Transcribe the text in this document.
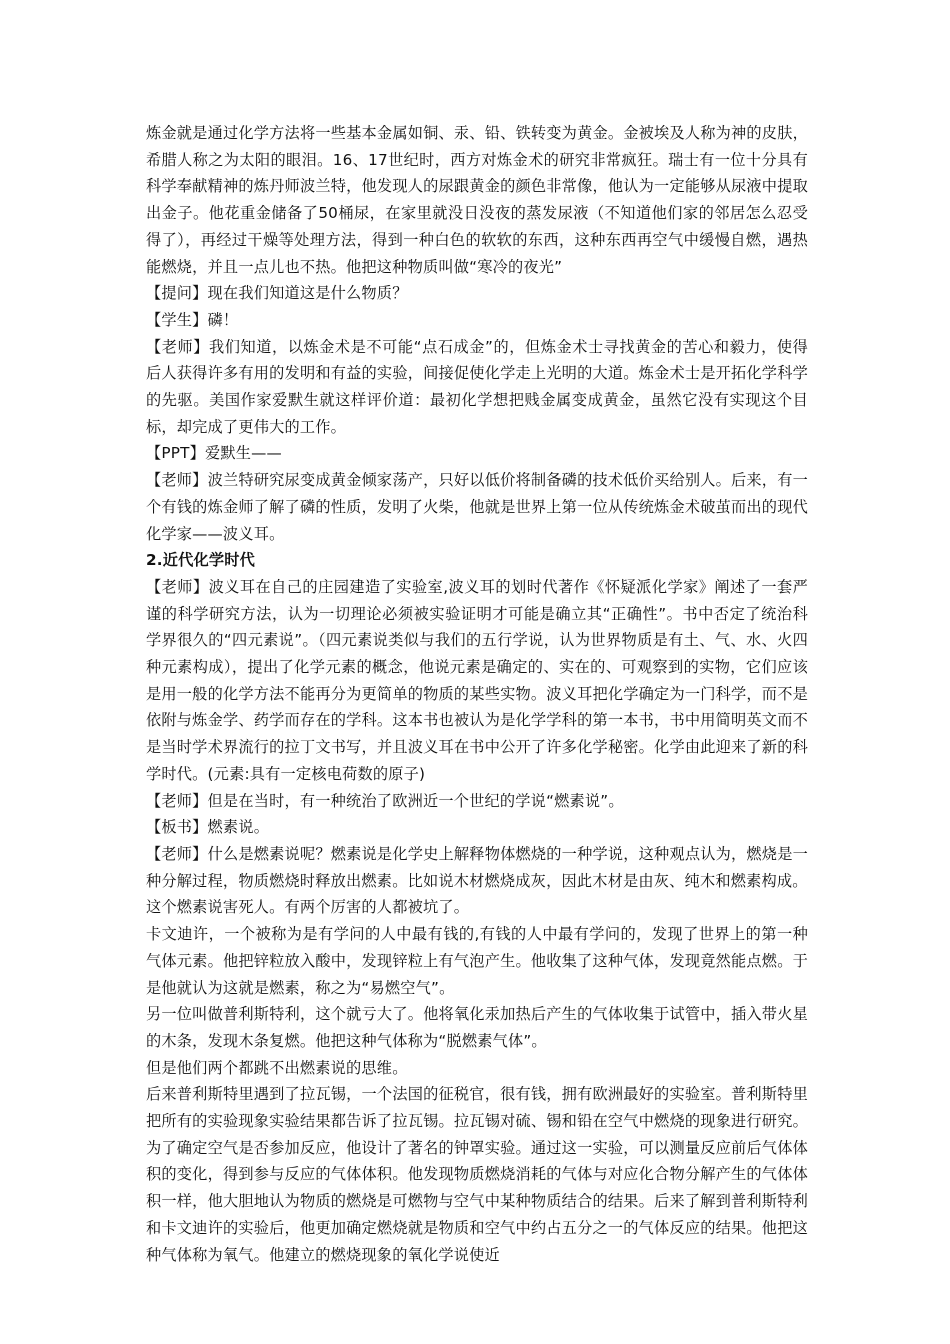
炼金就是通过化学方法将一些基本金属如铜、汞、铅、铁转变为黄金。金被埃及人称为神的皮肤，希腊人称之为太阳的眼泪。16、17世纪时，西方对炼金术的研究非常疯狂。瑞士有一位十分具有科学奉献精神的炼丹师波兰特，他发现人的尿跟黄金的颜色非常像，他认为一定能够从尿液中提取出金子。他花重金储备了50桶尿，在家里就没日没夜的蒸发尿液（不知道他们家的邻居怎么忍受得了），再经过干燥等处理方法，得到一种白色的软软的东西，这种东西再空气中缓慢自燃，遇热能燃烧，并且一点儿也不热。他把这种物质叫做“寒冷的夜光”

【提问】现在我们知道这是什么物质？

【学生】磷！

【老师】我们知道，以炼金术是不可能“点石成金”的，但炼金术士寻找黄金的苦心和毅力，使得后人获得许多有用的发明和有益的实验，间接促使化学走上光明的大道。炼金术士是开拓化学科学的先驱。美国作家爱默生就这样评价道：最初化学想把贱金属变成黄金，虽然它没有实现这个目标，却完成了更伟大的工作。

【PPT】爱默生——

【老师】波兰特研究尿变成黄金倾家荡产，只好以低价将制备磷的技术低价买给别人。后来，有一个有钱的炼金师了解了磷的性质，发明了火柴，他就是世界上第一位从传统炼金术破茧而出的现代化学家——波义耳。

2.近代化学时代

【老师】波义耳在自己的庄园建造了实验室,波义耳的划时代著作《怀疑派化学家》阐述了一套严谨的科学研究方法，认为一切理论必须被实验证明才可能是确立其“正确性”。书中否定了统治科学界很久的“四元素说”。（四元素说类似与我们的五行学说，认为世界物质是有土、气、水、火四种元素构成），提出了化学元素的概念，他说元素是确定的、实在的、可观察到的实物，它们应该是用一般的化学方法不能再分为更简单的物质的某些实物。波义耳把化学确定为一门科学，而不是依附与炼金学、药学而存在的学科。这本书也被认为是化学学科的第一本书，书中用简明英文而不是当时学术界流行的拉丁文书写，并且波义耳在书中公开了许多化学秘密。化学由此迎来了新的科学时代。(元素:具有一定核电荷数的原子)

【老师】但是在当时，有一种统治了欧洲近一个世纪的学说“燃素说”。

【板书】燃素说。

【老师】什么是燃素说呢？燃素说是化学史上解释物体燃烧的一种学说，这种观点认为，燃烧是一种分解过程，物质燃烧时释放出燃素。比如说木材燃烧成灰，因此木材是由灰、纯木和燃素构成。

这个燃素说害死人。有两个厉害的人都被坑了。

卡文迪许，一个被称为是有学问的人中最有钱的,有钱的人中最有学问的，发现了世界上的第一种气体元素。他把锌粒放入酸中，发现锌粒上有气泡产生。他收集了这种气体，发现竟然能点燃。于是他就认为这就是燃素，称之为“易燃空气”。

另一位叫做普利斯特利，这个就亏大了。他将氧化汞加热后产生的气体收集于试管中，插入带火星的木条，发现木条复燃。他把这种气体称为“脱燃素气体”。

但是他们两个都跳不出燃素说的思维。

后来普利斯特里遇到了拉瓦锡，一个法国的征税官，很有钱，拥有欧洲最好的实验室。普利斯特里把所有的实验现象实验结果都告诉了拉瓦锡。拉瓦锡对硫、锡和铅在空气中燃烧的现象进行研究。为了确定空气是否参加反应，他设计了著名的钟罩实验。通过这一实验，可以测量反应前后气体体积的变化，得到参与反应的气体体积。他发现物质燃烧消耗的气体与对应化合物分解产生的气体体积一样，他大胆地认为物质的燃烧是可燃物与空气中某种物质结合的结果。后来了解到普利斯特利和卡文迪许的实验后，他更加确定燃烧就是物质和空气中约占五分之一的气体反应的结果。他把这种气体称为氧气。他建立的燃烧现象的氧化学说使近
